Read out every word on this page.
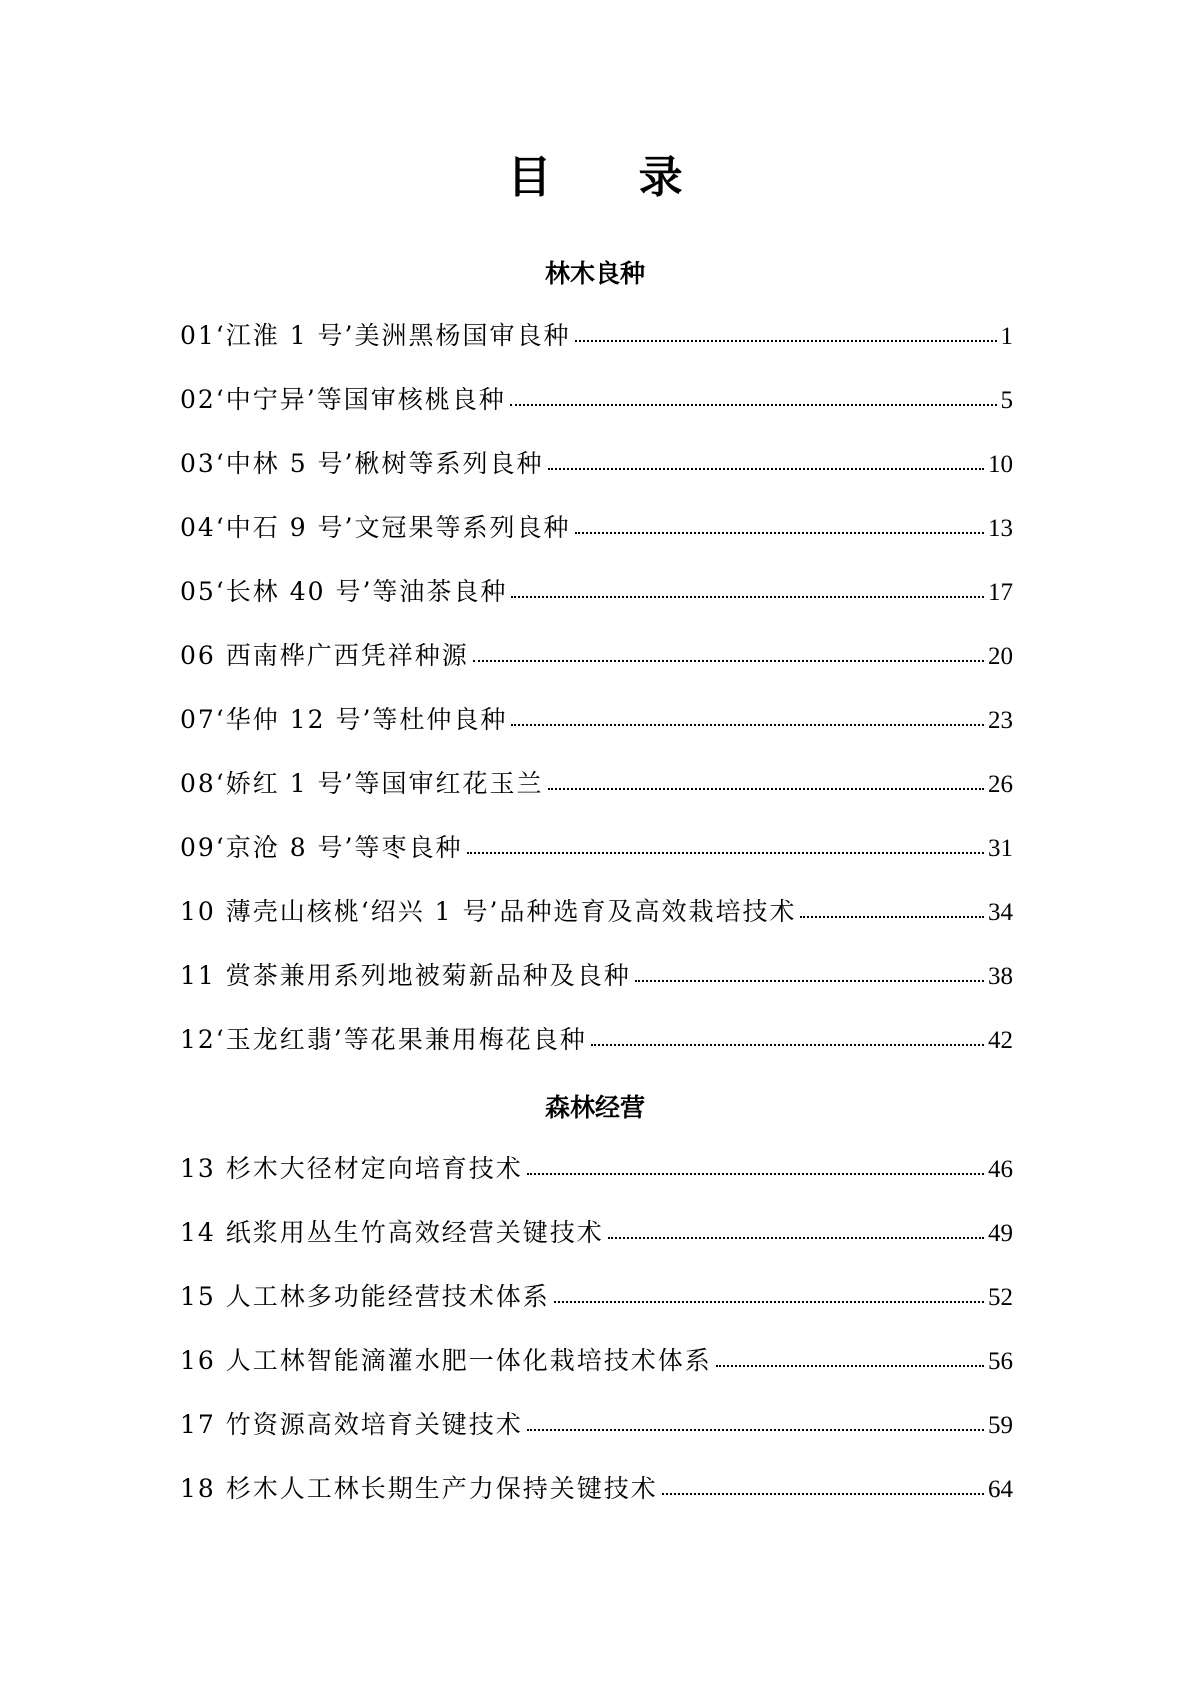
目 录
林木良种
01‘江淮 1 号’美洲黑杨国审良种	1
02‘中宁异’等国审核桃良种	5
03‘中林 5 号’楸树等系列良种	10
04‘中石 9 号’文冠果等系列良种	13
05‘长林 40 号’等油茶良种	17
06 西南桦广西凭祥种源	20
07‘华仲 12 号’等杜仲良种	23
08‘娇红 1 号’等国审红花玉兰	26
09‘京沧 8 号’等枣良种	31
10 薄壳山核桃‘绍兴 1 号’品种选育及高效栽培技术	34
11 赏茶兼用系列地被菊新品种及良种	38
12‘玉龙红翡’等花果兼用梅花良种	42
森林经营
13 杉木大径材定向培育技术	46
14 纸浆用丛生竹高效经营关键技术	49
15 人工林多功能经营技术体系	52
16 人工林智能滴灌水肥一体化栽培技术体系	56
17 竹资源高效培育关键技术	59
18 杉木人工林长期生产力保持关键技术	64
